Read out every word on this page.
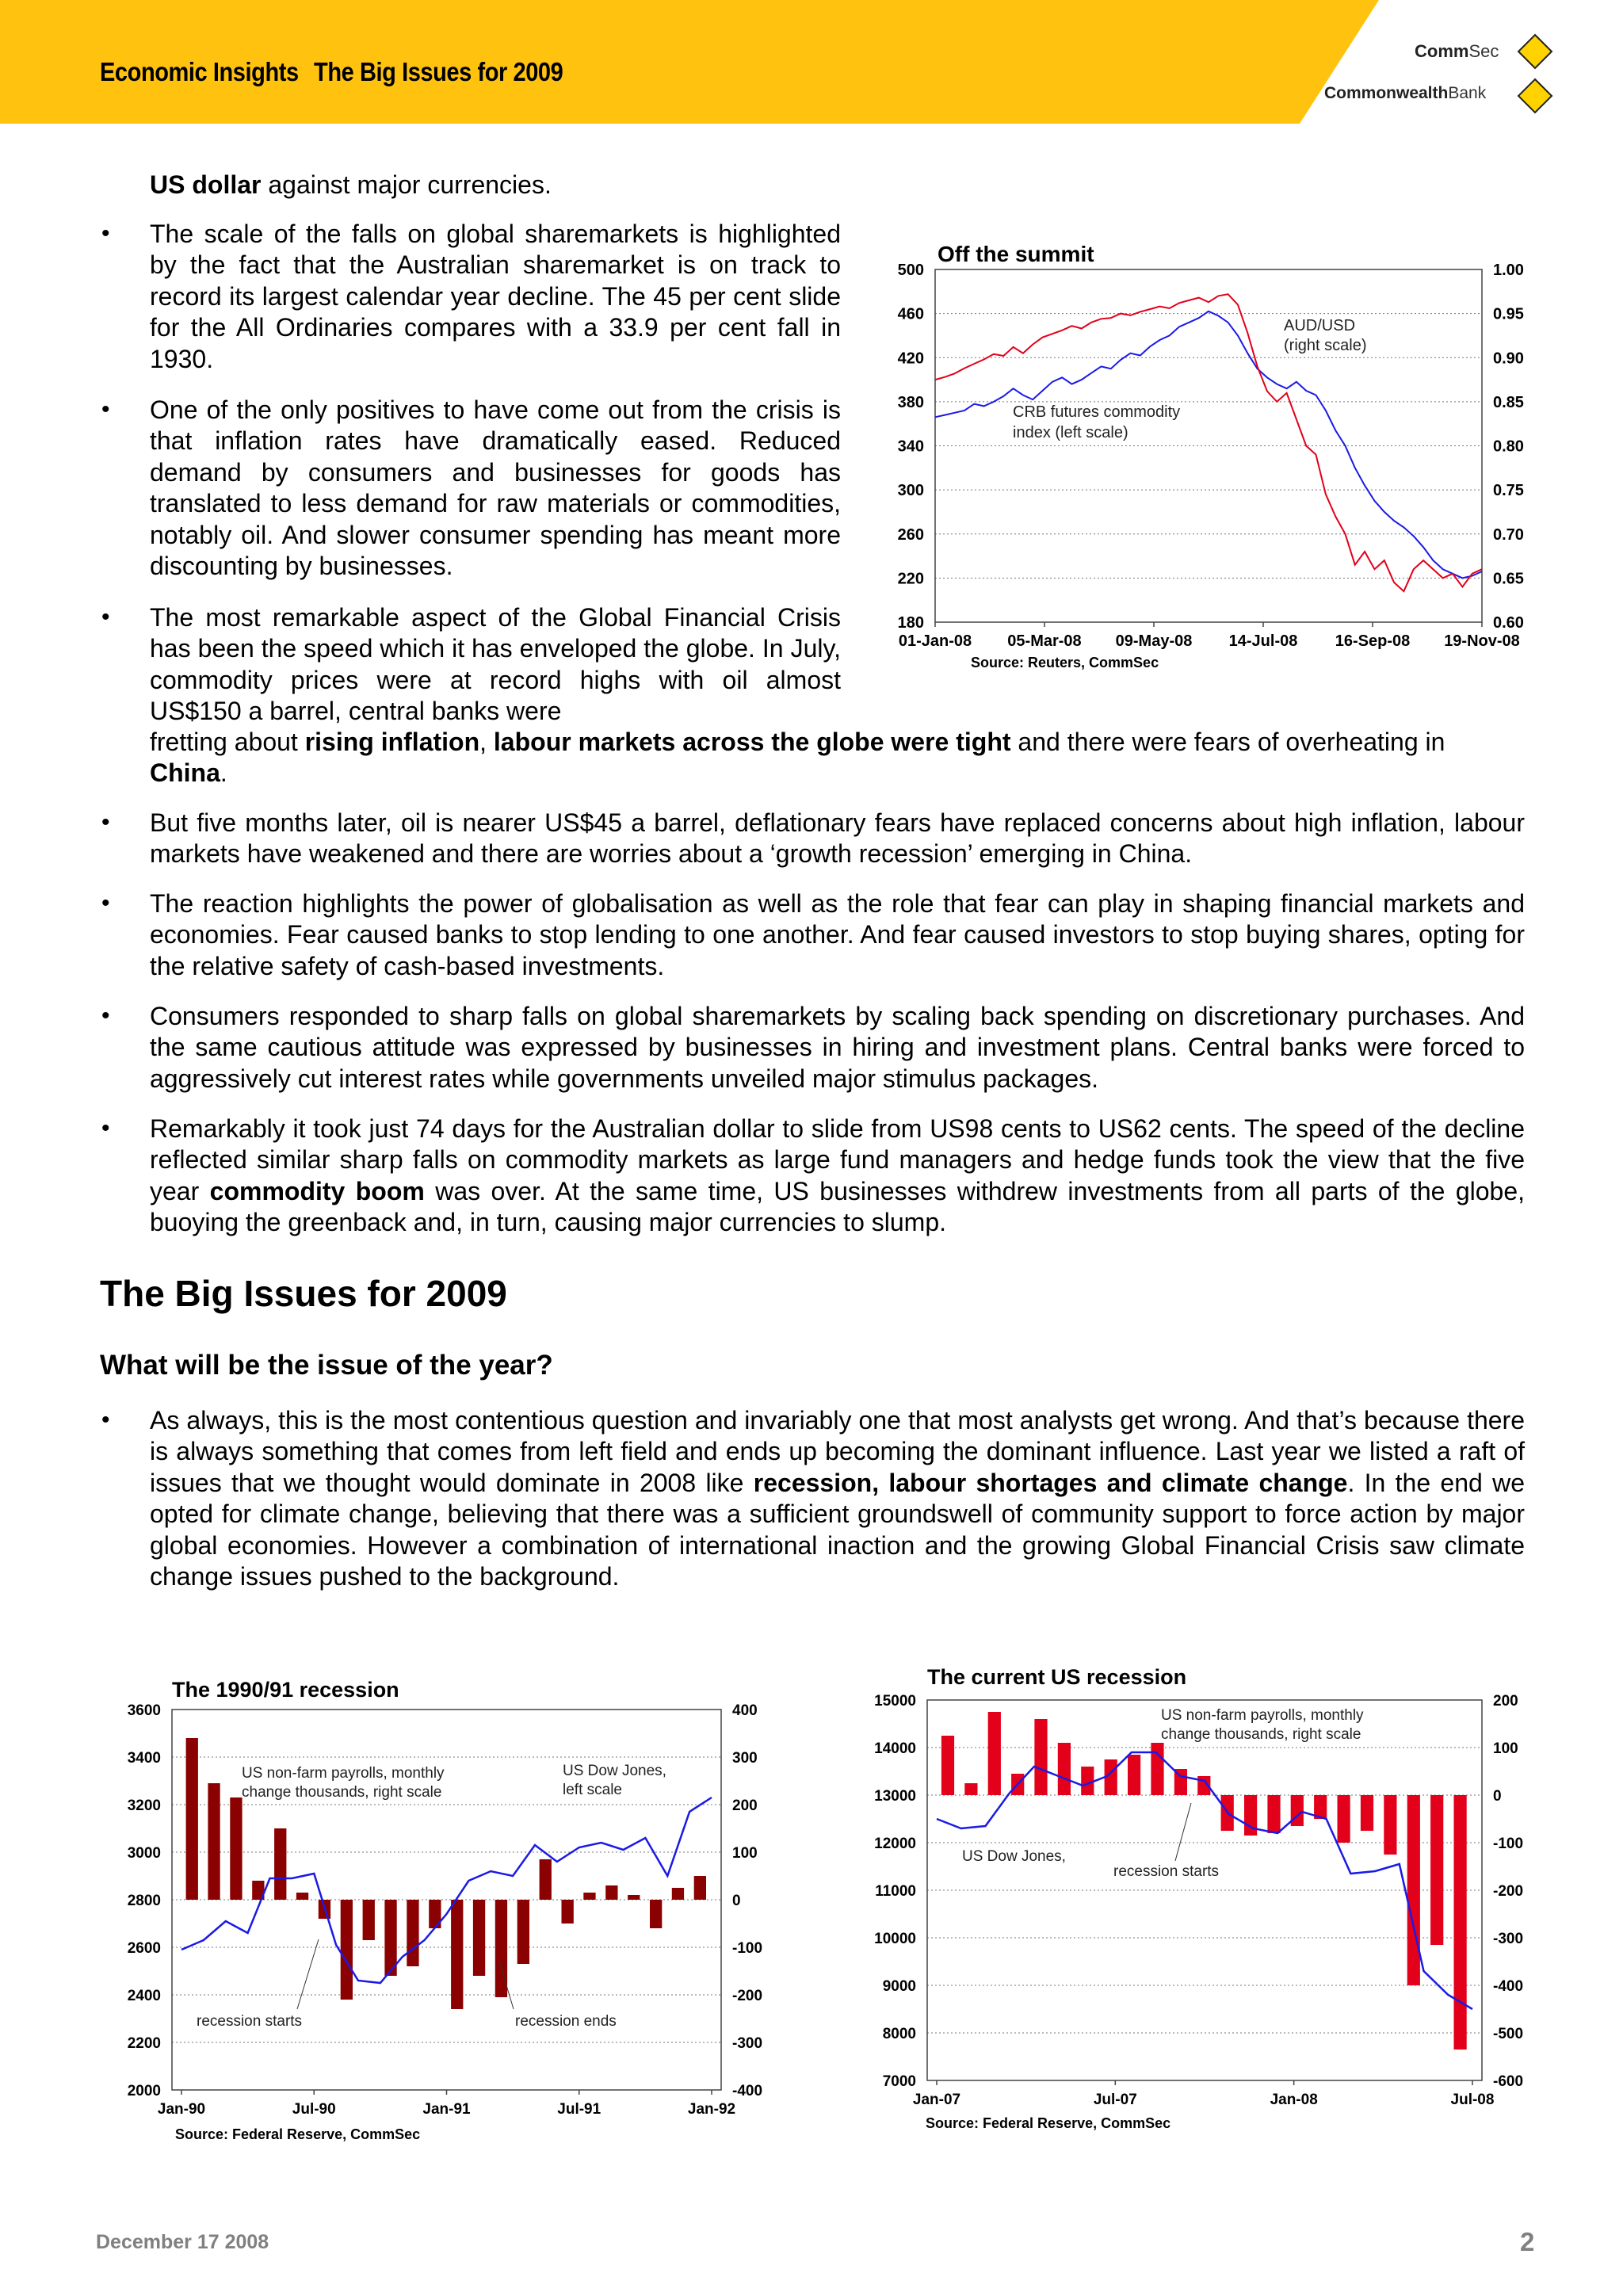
Economic Insights The Big Issues for 2009
CommSec
CommonwealthBank

US dollar against major currencies.

• The scale of the falls on global sharemarkets is highlighted by the fact that the Australian sharemarket is on track to record its largest calendar year decline. The 45 per cent slide for the All Ordinaries compares with a 33.9 per cent fall in 1930.

• One of the only positives to have come out from the crisis is that inflation rates have dramatically eased. Reduced demand by consumers and businesses for goods has translated to less demand for raw materials or commodities, notably oil. And slower consumer spending has meant more discounting by businesses.

• The most remarkable aspect of the Global Financial Crisis has been the speed which it has enveloped the globe. In July, commodity prices were at record highs with oil almost US$150 a barrel, central banks were

fretting about rising inflation, labour markets across the globe were tight and there were fears of overheating in China.

• But five months later, oil is nearer US$45 a barrel, deflationary fears have replaced concerns about high inflation, labour markets have weakened and there are worries about a ‘growth recession’ emerging in China.

• The reaction highlights the power of globalisation as well as the role that fear can play in shaping financial markets and economies. Fear caused banks to stop lending to one another. And fear caused investors to stop buying shares, opting for the relative safety of cash-based investments.

• Consumers responded to sharp falls on global sharemarkets by scaling back spending on discretionary purchases. And the same cautious attitude was expressed by businesses in hiring and investment plans. Central banks were forced to aggressively cut interest rates while governments unveiled major stimulus packages.

• Remarkably it took just 74 days for the Australian dollar to slide from US98 cents to US62 cents. The speed of the decline reflected similar sharp falls on commodity markets as large fund managers and hedge funds took the view that the five year commodity boom was over. At the same time, US businesses withdrew investments from all parts of the globe, buoying the greenback and, in turn, causing major currencies to slump.

The Big Issues for 2009
What will be the issue of the year?
• As always, this is the most contentious question and invariably one that most analysts get wrong. And that’s because there is always something that comes from left field and ends up becoming the dominant influence. Last year we listed a raft of issues that we thought would dominate in 2008 like recession, labour shortages and climate change. In the end we opted for climate change, believing that there was a sufficient groundswell of community support to force action by major global economies. However a combination of international inaction and the growing Global Financial Crisis saw climate change issues pushed to the background.

Off the summit
500	1.00
460	0.95
420	0.90
380	0.85
340	0.80
300	0.75
260	0.70
220	0.65
180	0.60
01-Jan-08 05-Mar-08 09-May-08 14-Jul-08 16-Sep-08 19-Nov-08
Source: Reuters, CommSec
AUD/USD
(right scale)
CRB futures commodity
index (left scale)
The 1990/91 recession
3600	400
3400	300
3200	200
3000	100
2800	0
2600	-100
2400	-200
2200	-300
2000	-400
Jan-90	Jul-90	Jan-91	Jul-91	Jan-92
Source: Federal Reserve, CommSec
US non-farm payrolls, monthly
change thousands, right scale
US Dow Jones,
left scale
recession starts	recession ends
The current US recession
15000	200
14000	100
13000	0
12000	-100
11000	-200
10000	-300
9000	-400
8000	-500
7000	-600
Jan-07	Jul-07	Jan-08	Jul-08
Source: Federal Reserve, CommSec
US non-farm payrolls, monthly
change thousands, right scale
US Dow Jones,
recession starts
December 17 2008	2
